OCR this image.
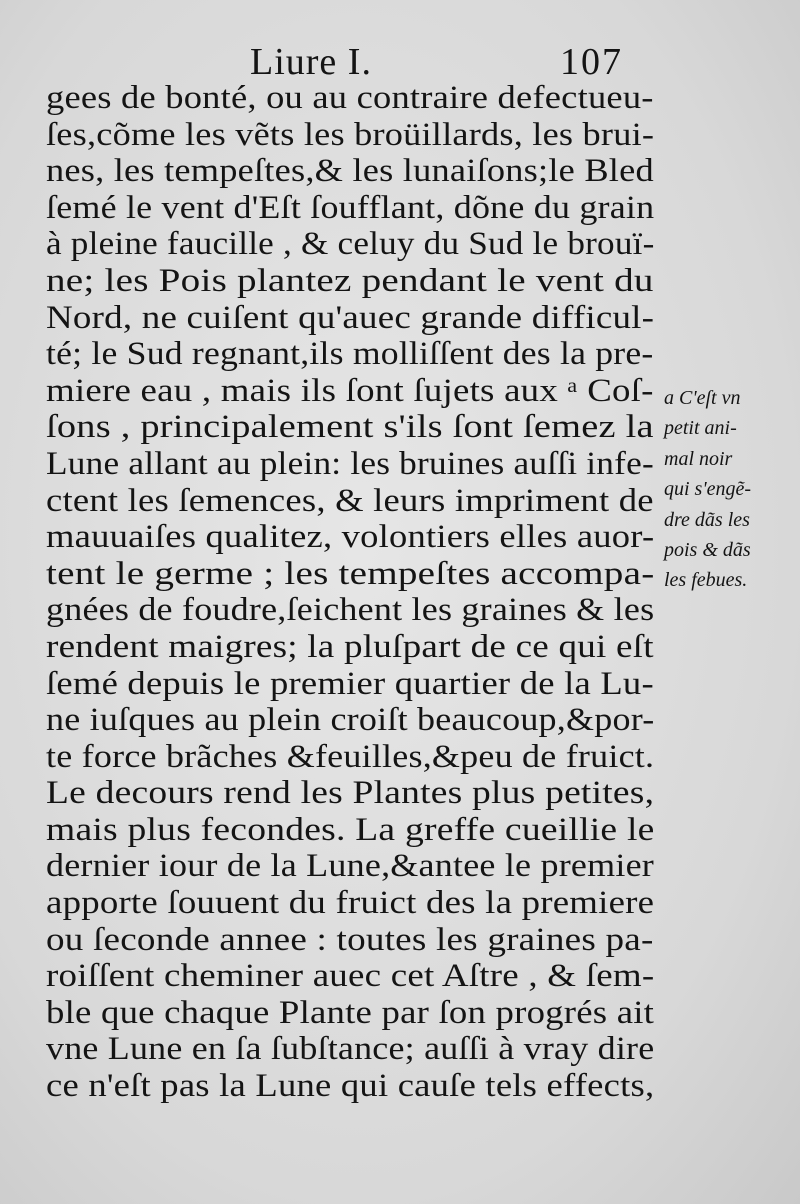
Liure I.	107
gees de bonté, ou au contraire defectueu-
ſes,cõme les vẽts les broüillards, les brui-
nes, les tempeſtes,& les lunaiſons;le Bled
ſemé le vent d'Eſt ſoufflant, dõne du grain
à pleine faucille , & celuy du Sud le brouï-
ne; les Pois plantez pendant le vent du
Nord, ne cuiſent qu'auec grande difficul-
té; le Sud regnant,ils molliſſent des la pre-
miere eau , mais ils ſont ſujets aux ᵃ Coſ-
ſons , principalement s'ils ſont ſemez la
Lune allant au plein: les bruines auſſi infe-
ctent les ſemences, & leurs impriment de
mauuaiſes qualitez, volontiers elles auor-
tent le germe ; les tempeſtes accompa-
gnées de foudre,ſeichent les graines & les
rendent maigres; la pluſpart de ce qui eſt
ſemé depuis le premier quartier de la Lu-
ne iuſques au plein croiſt beaucoup,&por-
te force brãches &feuilles,&peu de fruict.
Le decours rend les Plantes plus petites,
mais plus fecondes. La greffe cueillie le
dernier iour de la Lune,&antee le premier
apporte ſouuent du fruict des la premiere
ou ſeconde annee : toutes les graines pa-
roiſſent cheminer auec cet Aſtre , & ſem-
ble que chaque Plante par ſon progrés ait
vne Lune en ſa ſubſtance; auſſi à vray dire
ce n'eſt pas la Lune qui cauſe tels effects,
a C'eſt vn
petit ani-
mal noir
qui s'engẽ-
dre dãs les
pois & dãs
les febues.
